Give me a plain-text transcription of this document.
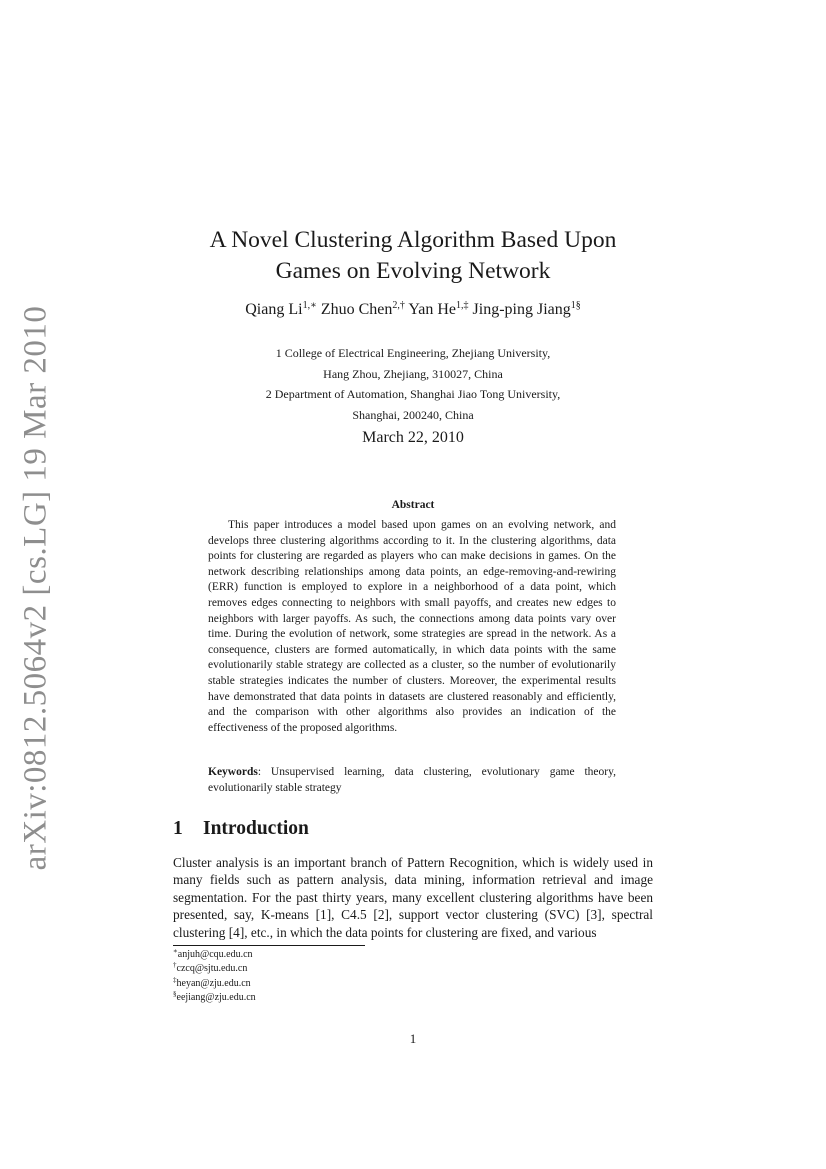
arXiv:0812.5064v2 [cs.LG] 19 Mar 2010
A Novel Clustering Algorithm Based Upon
Games on Evolving Network
Qiang $Li^{1,∗}$ Zhuo Chen$^{2,\dagger}$ Yan $He^{1,\ddagger}$ Jing-ping Jiang$^{1\S}$
1 College of Electrical Engineering, Zhejiang University,
Hang Zhou, Zhejiang, 310027, China
2 Department of Automation, Shanghai Jiao Tong University,
Shanghai, 200240, China
March 22, 2010
Abstract

This paper introduces a model based upon games on an evolving network, and develops three clustering algorithms according to it. In the clustering algorithms, data points for clustering are regarded as players who can make decisions in games. On the network describing relationships among data points, an edge-removing-and-rewiring (ERR) function is employed to explore in a neighborhood of a data point, which removes edges connecting to neighbors with small payoffs, and creates new edges to neighbors with larger payoffs. As such, the connections among data points vary over time. During the evolution of network, some strategies are spread in the network. As a consequence, clusters are formed automatically, in which data points with the same evolutionarily stable strategy are collected as a cluster, so the number of evolutionarily stable strategies indicates the number of clusters. Moreover, the experimental results have demonstrated that data points in datasets are clustered reasonably and efficiently, and the comparison with other algorithms also provides an indication of the effectiveness of the proposed algorithms.

Keywords: Unsupervised learning, data clustering, evolutionary game theory, evolutionarily stable strategy

1 Introduction

Cluster analysis is an important branch of Pattern Recognition, which is widely used in many fields such as pattern analysis, data mining, information retrieval and image segmentation. For the past thirty years, many excellent clustering algorithms have been presented, say, K-means [1], C4.5 [2], support vector clustering (SVC) [3], spectral clustering [4], etc., in which the data points for clustering are fixed, and various

∗anjuh@cqu.edu.cn
†czcq@sjtu.edu.cn
‡heyan@zju.edu.cn
§eejiang@zju.edu.cn
1
